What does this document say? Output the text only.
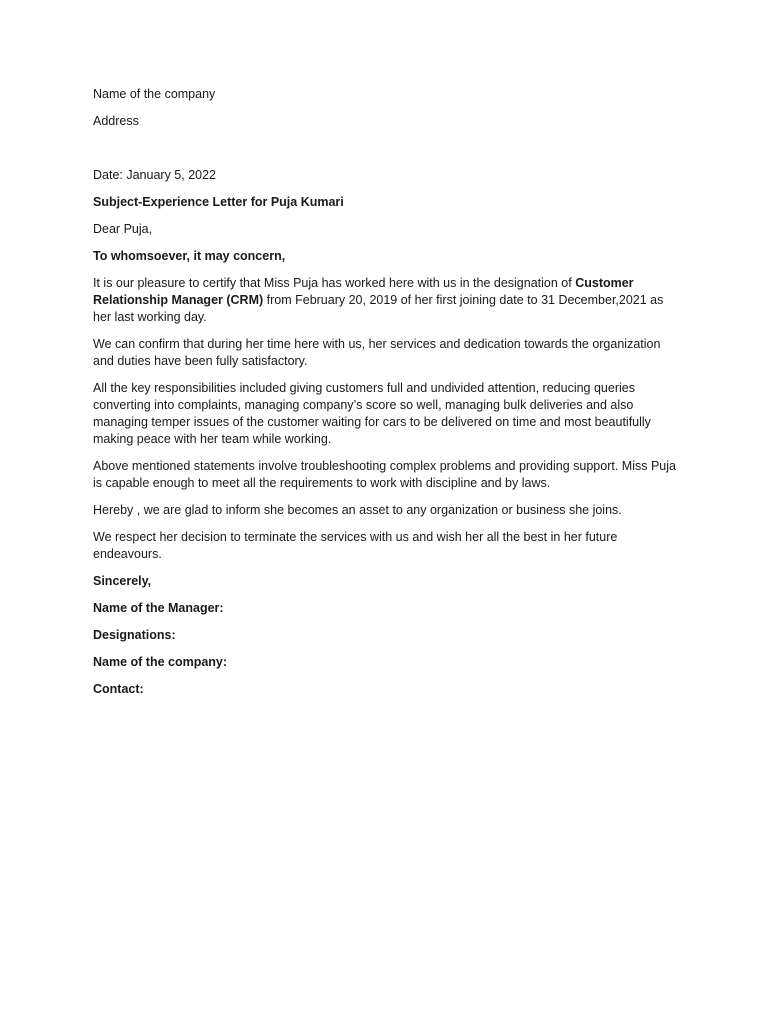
Name of the company
Address
Date: January 5, 2022
Subject-Experience Letter for Puja Kumari
Dear Puja,
To whomsoever, it may concern,

It is our pleasure to certify that Miss Puja has worked here with us in the designation of Customer Relationship Manager (CRM) from February 20, 2019 of her first joining date to 31 December,2021 as her last working day.

We can confirm that during her time here with us, her services and dedication towards the organization and duties have been fully satisfactory.

All the key responsibilities included giving customers full and undivided attention, reducing queries converting into complaints, managing company’s score so well, managing bulk deliveries and also managing temper issues of the customer waiting for cars to be delivered on time and most beautifully making peace with her team while working.

Above mentioned statements involve troubleshooting complex problems and providing support. Miss Puja is capable enough to meet all the requirements to work with discipline and by laws.

Hereby , we are glad to inform she becomes an asset to any organization or business she joins.

We respect her decision to terminate the services with us and wish her all the best in her future endeavours.

Sincerely,
Name of the Manager:
Designations:
Name of the company:
Contact:
